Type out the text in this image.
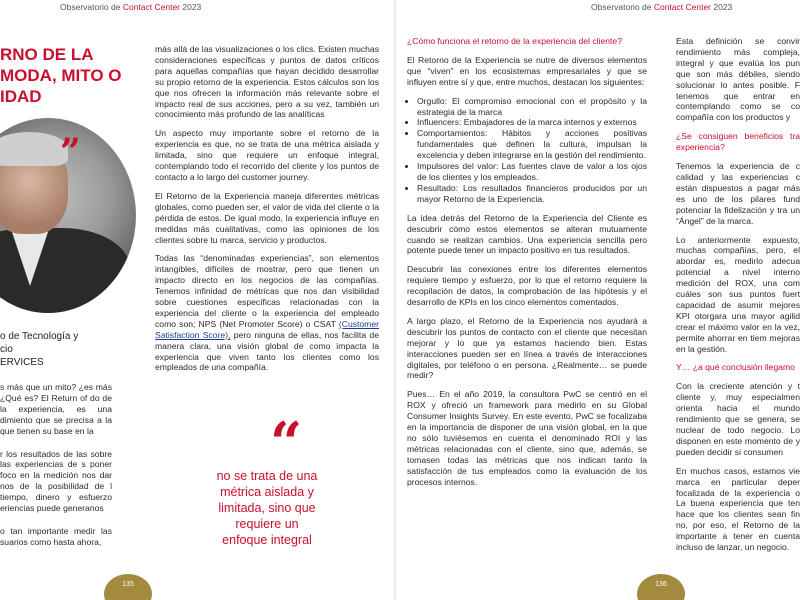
Observatorio de Contact Center 2023
RNO DE LA
MODA, MITO O
IDAD
”
o de Tecnología y
cio
ERVICES

s más que un mito? ¿es más ¿Qué es? El Return of do de la experiencia, es una dimiento que se precisa a la que tienen su base en la

r los resultados de las sobre las experiencias de s poner foco en la medición nos dar nos de la posibilidad de l tiempo, dinero y esfuerzo eriencias puede generanos

o tan importante medir las suarios como hasta ahora,

más allá de las visualizaciones o los clics. Existen muchas consideraciones específicas y puntos de datos críticos para aquellas compañías que hayan decidido desarrollar su propio retorno de la experiencia. Estos cálculos son los que nos ofrecen la información más relevante sobre el impacto real de sus acciones, pero a su vez, también un conocimiento más profundo de las analíticas

Un aspecto muy importante sobre el retorno de la experiencia es que, no se trata de una métrica aislada y limitada, sino que requiere un enfoque integral, contemplando todo el recorrido del cliente y los puntos de contacto a lo largo del customer journey.

El Retorno de la Experiencia maneja diferentes métricas globales, como pueden ser, el valor de vida del cliente o la pérdida de estos. De igual modo, la experiencia influye en medidas más cualitativas, como las opiniones de los clientes sobre tu marca, servicio y productos.

Todas las “denominadas experiencias”, son elementos intangibles, difíciles de mostrar, pero que tienen un impacto directo en los negocios de las compañías. Tenemos infinidad de métricas que nos dan visibilidad sobre cuestiones específicas relacionadas con la experiencia del cliente o la experiencia del empleado como son; NPS (Net Promoter Score) o CSAT (Customer Satisfaction Score), pero ninguna de ellas, nos facilita de manera clara, una visión global de como impacta la experiencia que viven tanto los clientes como los empleados de una compañía.

“
no se trata de una métrica aislada y limitada, sino que requiere un enfoque integral
135
Observatorio de Contact Center 2023

¿Cómo funciona el retorno de la experiencia del cliente?

El Retorno de la Experiencia se nutre de diversos elementos que “viven” en los ecosistemas empresariales y que se influyen entre sí y que, entre muchos, destacan los siguientes:

• Orgullo: El compromiso emocional con el propósito y la estrategia de la marca
• Influencers: Embajadores de la marca internos y externos
• Comportamientos: Hábitos y acciones positivas fundamentales que definen la cultura, impulsan la excelencia y deben integrarse en la gestión del rendimiento.
• Impulsores del valor: Las fuentes clave de valor a los ojos de los clientes y los empleados.
• Resultado: Los resultados financieros producidos por un mayor Retorno de la Experiencia.

La idea detrás del Retorno de la Experiencia del Cliente es descubrir cómo estos elementos se alteran mutuamente cuando se realizan cambios. Una experiencia sencilla pero potente puede tener un impacto positivo en tus resultados.

Descubrir las conexiones entre los diferentes elementos requiere tiempo y esfuerzo, por lo que el retorno requiere la recopilación de datos, la comprobación de las hipótesis y el desarrollo de KPIs en los cinco elementos comentados.

A largo plazo, el Retorno de la Experiencia nos ayudará a descubrir los puntos de contacto con el cliente que necesitan mejorar y lo que ya estamos haciendo bien. Estas interacciones pueden ser en línea a través de interacciones digitales, por teléfono o en persona. ¿Realmente… se puede medir?

Pues… En el año 2019, la consultora PwC se centró en el ROX y ofreció un framework para medirlo en su Global Consumer Insights Survey. En este evento, PwC se focalizaba en la importancia de disponer de una visión global, en la que no sólo tuviésemos en cuenta el denominado ROI y las métricas relacionadas con el cliente, sino que, además, se tomasen todas las métricas que nos indican tanto la satisfacción de tus empleados como la evaluación de los procesos internos.

Esta definición se convir rendimiento más compleja, integral y que evalúa los pun que son más débiles, siendo solucionar lo antes posible. F tenemos que entrar en contemplando como se co compañía con los productos y

¿Se consiguen beneficios tra experiencia?

Tenemos la experiencia de c calidad y las experiencias c están dispuestos a pagar más es uno de los pilares fund potenciar la fidelización y tra un “Ángel” de la marca.

Lo anteriormente expuesto, muchas compañías, pero, el abordar es, medirlo adecua potencial a nivel interno medición del ROX, una com cuáles son sus puntos fuert capacidad de asumir mejores KPI otorgara una mayor agilid crear el máximo valor en la vez, permite ahorrar en tiem mejoras en la gestión.

Y… ¿a qué conclusión llegamo

Con la creciente atención y t cliente y, muy especialmen orienta hacia el mundo rendimiento que se genera, se nuclear de todo negocio. Lo disponen en este momento de y pueden decidir si consumen

En muchos casos, estamos vie marca en particular deper focalizada de la experiencia o La buena experiencia que ten hace que los clientes sean fin no, por eso, el Retorno de la importante a tener en cuenta incluso de lanzar, un negocio.

136
